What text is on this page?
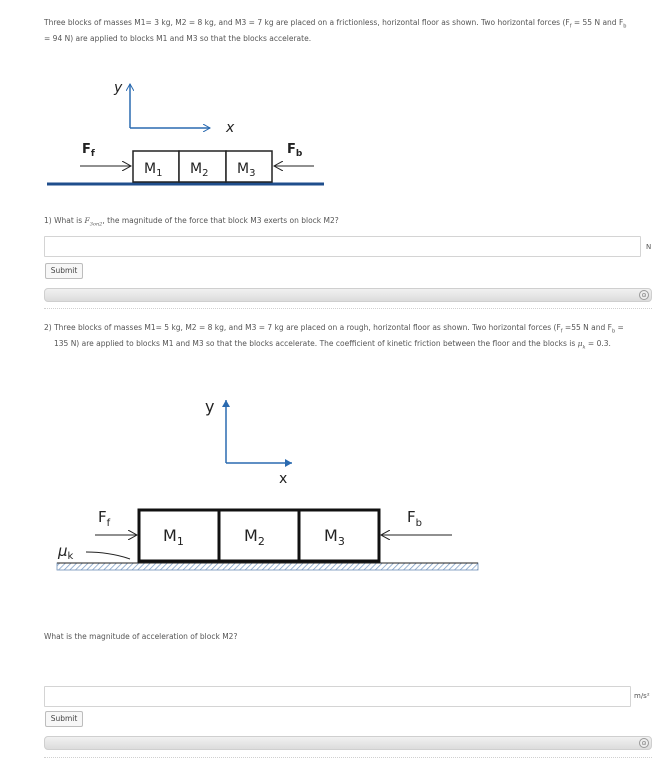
Three blocks of masses M1= 3 kg, M2 = 8 kg, and M3 = 7 kg are placed on a frictionless, horizontal floor as shown. Two horizontal forces ($F_f = 55$ N and $F_b$
= 94 N) are applied to blocks M1 and M3 so that the blocks accelerate.
y
x
$M_1$ $M_2$ $M_3$
$F_f$	$F_b$
1) What is $F_{3on2}$, the magnitude of the force that block M3 exerts on block M2?
N
Submit
⊙
2) Three blocks of masses M1= 5 kg, M2 = 8 kg, and M3 = 7 kg are placed on a rough, horizontal floor as shown. Two horizontal forces ($F_f =55$ N and $F_b$ =
135 N) are applied to blocks M1 and M3 so that the blocks accelerate. The coefficient of kinetic friction between the floor and the blocks is $\mu_k = 0.3$.
y
x
$M_1$	$M_2$	$M_3$
$F_f$	$F_b$
$\mu_k$
What is the magnitude of acceleration of block M2?
m/s²
Submit
⊙
